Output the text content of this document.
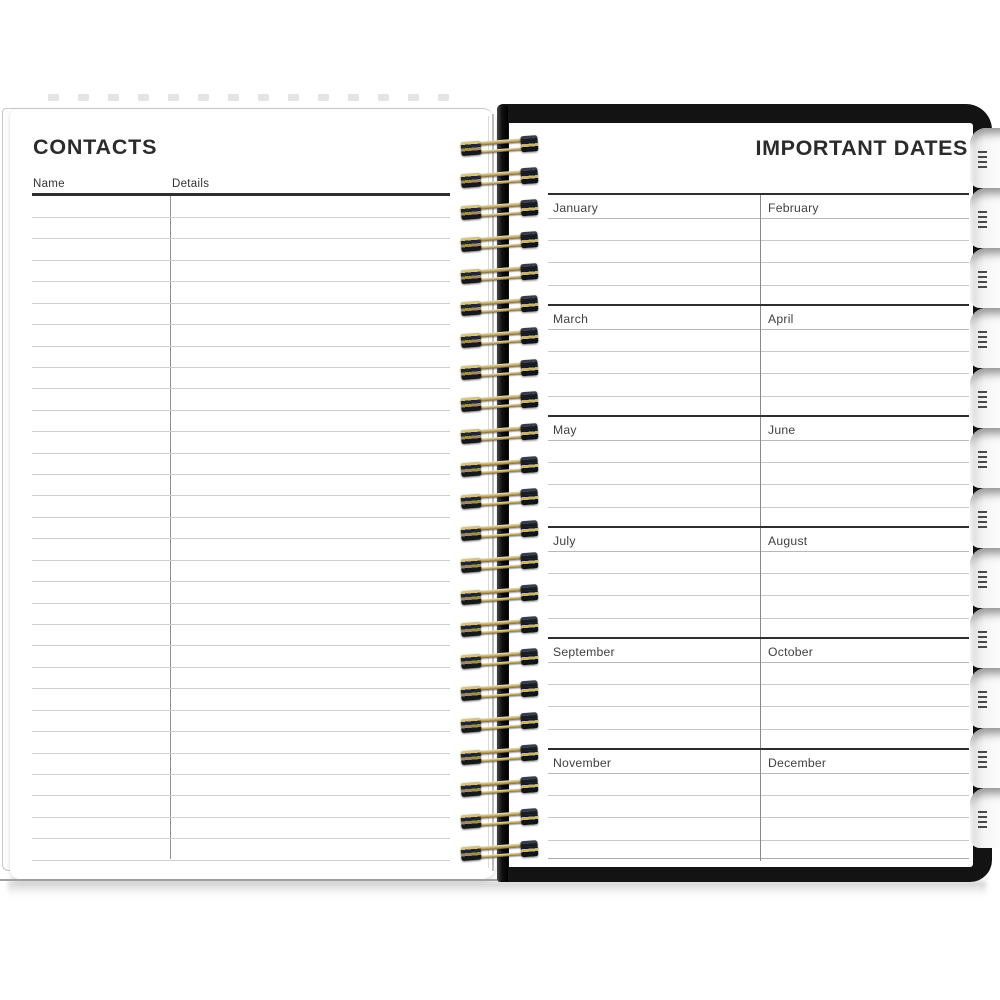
CONTACTS
Name	Details
IMPORTANT DATES
January	February
March	April
May	June
July	August
September	October
November	December
